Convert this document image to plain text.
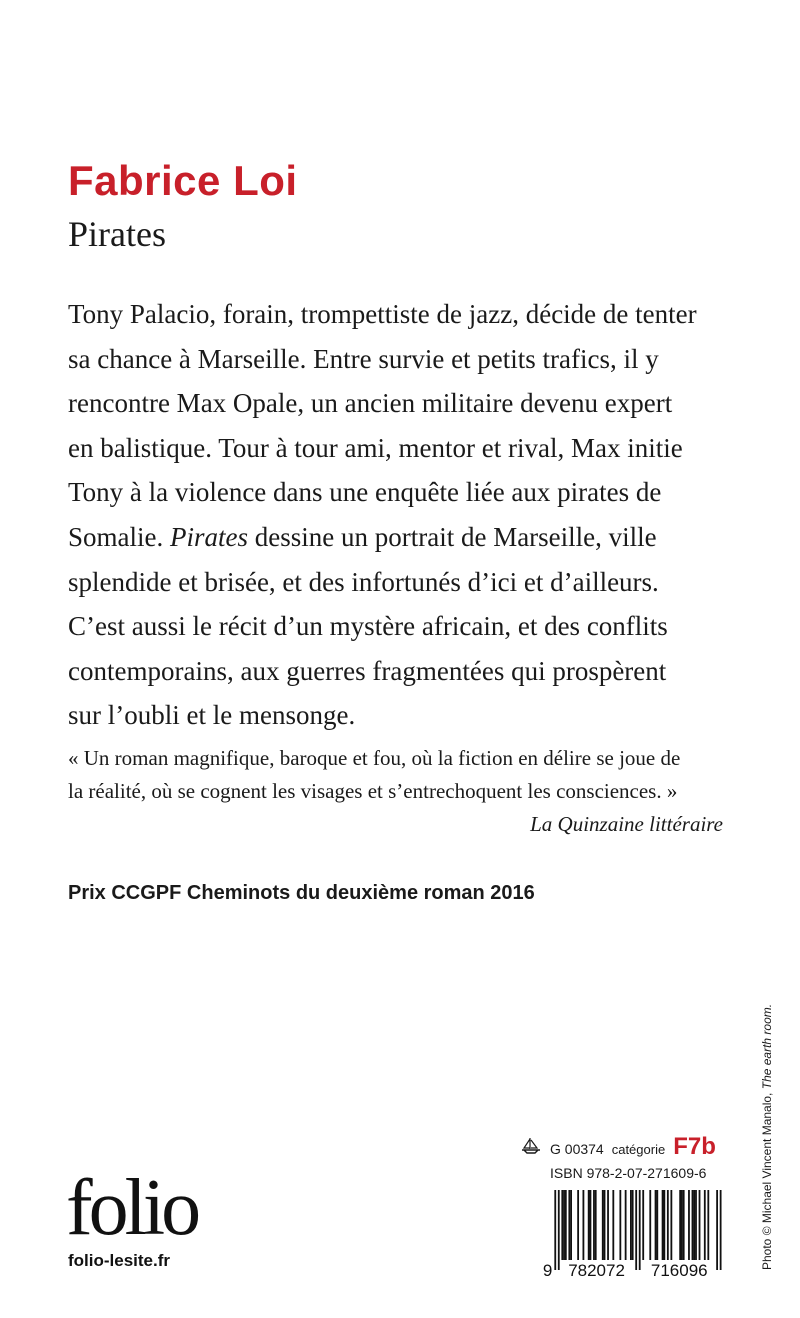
Fabrice Loi
Pirates

Tony Palacio, forain, trompettiste de jazz, décide de tenter

sa chance à Marseille. Entre survie et petits trafics, il y

rencontre Max Opale, un ancien militaire devenu expert

en balistique. Tour à tour ami, mentor et rival, Max initie

Tony à la violence dans une enquête liée aux pirates de

Somalie. Pirates dessine un portrait de Marseille, ville

splendide et brisée, et des infortunés d’ici et d’ailleurs.

C’est aussi le récit d’un mystère africain, et des conflits

contemporains, aux guerres fragmentées qui prospèrent

sur l’oubli et le mensonge.

« Un roman magnifique, baroque et fou, où la fiction en délire se joue de

la réalité, où se cognent les visages et s’entrechoquent les consciences. »

La Quinzaine littéraire

Prix CCGPF Cheminots du deuxième roman 2016
Photo © Michael Vincent Manalo, The earth room.
folio
folio-lesite.fr
G 00374 catégorie F7b
ISBN 978-2-07-271609-6
9 782072 716096
